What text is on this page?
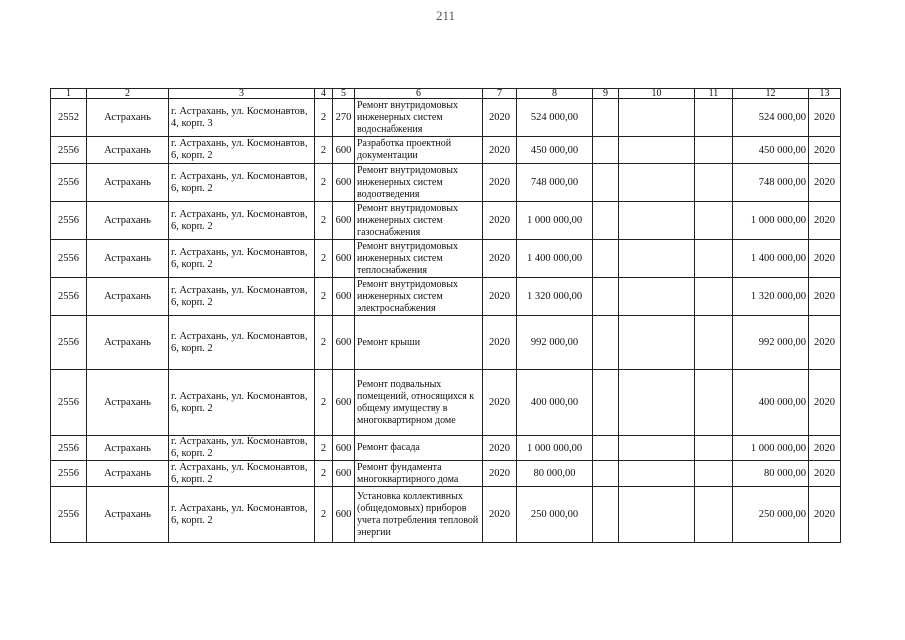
211
1	2	3	4	5	6	7	8	9	10	11	12	13
2552	Астрахань	г. Астрахань, ул. Космонавтов, 4, корп. 3	2	270	Ремонт внутридомовых инженерных систем водоснабжения	2020	524 000,00				524 000,00	2020
2556	Астрахань	г. Астрахань, ул. Космонавтов, 6, корп. 2	2	600	Разработка проектной документации	2020	450 000,00				450 000,00	2020
2556	Астрахань	г. Астрахань, ул. Космонавтов, 6, корп. 2	2	600	Ремонт внутридомовых инженерных систем водоотведения	2020	748 000,00				748 000,00	2020
2556	Астрахань	г. Астрахань, ул. Космонавтов, 6, корп. 2	2	600	Ремонт внутридомовых инженерных систем газоснабжения	2020	1 000 000,00				1 000 000,00	2020
2556	Астрахань	г. Астрахань, ул. Космонавтов, 6, корп. 2	2	600	Ремонт внутридомовых инженерных систем теплоснабжения	2020	1 400 000,00				1 400 000,00	2020
2556	Астрахань	г. Астрахань, ул. Космонавтов, 6, корп. 2	2	600	Ремонт внутридомовых инженерных систем электроснабжения	2020	1 320 000,00				1 320 000,00	2020
2556	Астрахань	г. Астрахань, ул. Космонавтов, 6, корп. 2	2	600	Ремонт крыши	2020	992 000,00				992 000,00	2020
2556	Астрахань	г. Астрахань, ул. Космонавтов, 6, корп. 2	2	600	Ремонт подвальных помещений, относящихся к общему имуществу в многоквартирном доме	2020	400 000,00				400 000,00	2020
2556	Астрахань	г. Астрахань, ул. Космонавтов, 6, корп. 2	2	600	Ремонт фасада	2020	1 000 000,00				1 000 000,00	2020
2556	Астрахань	г. Астрахань, ул. Космонавтов, 6, корп. 2	2	600	Ремонт фундамента многоквартирного дома	2020	80 000,00				80 000,00	2020
2556	Астрахань	г. Астрахань, ул. Космонавтов, 6, корп. 2	2	600	Установка коллективных (общедомовых) приборов учета потребления тепловой энергии	2020	250 000,00				250 000,00	2020
